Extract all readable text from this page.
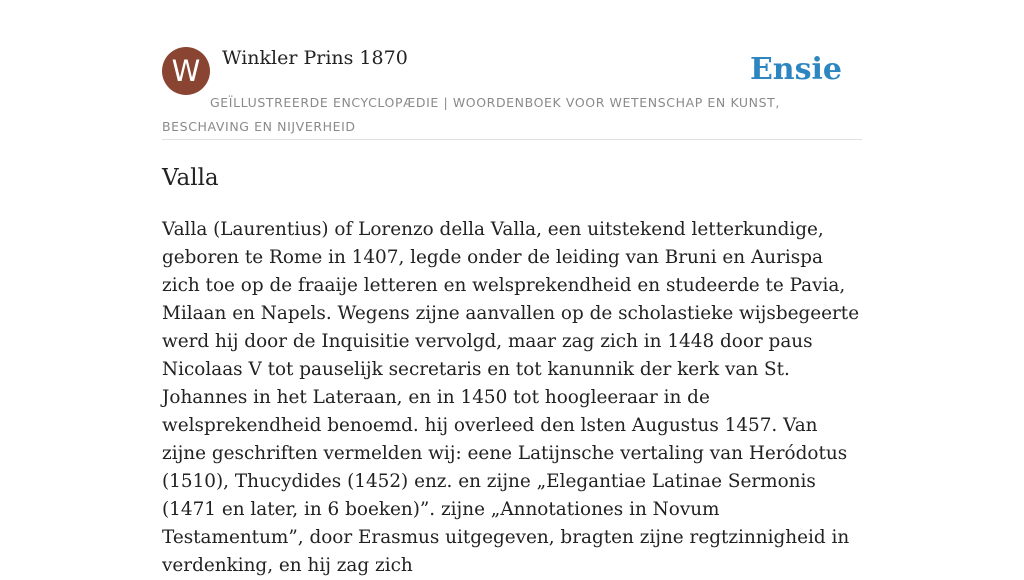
W	Winkler Prins 1870	Ensie
GEÏLLUSTREERDE ENCYCLOPÆDIE | WOORDENBOEK VOOR WETENSCHAP EN KUNST, BESCHAVING EN NIJVERHEID
Valla

Valla (Laurentius) of Lorenzo della Valla, een uitstekend letterkundige, geboren te Rome in 1407, legde onder de leiding van Bruni en Aurispa zich toe op de fraaije letteren en welsprekendheid en studeerde te Pavia, Milaan en Napels. Wegens zijne aanvallen op de scholastieke wijsbegeerte werd hij door de Inquisitie vervolgd, maar zag zich in 1448 door paus Nicolaas V tot pauselijk secretaris en tot kanunnik der kerk van St. Johannes in het Lateraan, en in 1450 tot hoogleeraar in de welsprekendheid benoemd. hij overleed den lsten Augustus 1457. Van zijne geschriften vermelden wij: eene Latijnsche vertaling van Heródotus (1510), Thucydides (1452) enz. en zijne „Elegantiae Latinae Sermonis (1471 en later, in 6 boeken)”. zijne „Annotationes in Novum Testamentum”, door Erasmus uitgegeven, bragten zijne regtzinnigheid in verdenking, en hij zag zich
